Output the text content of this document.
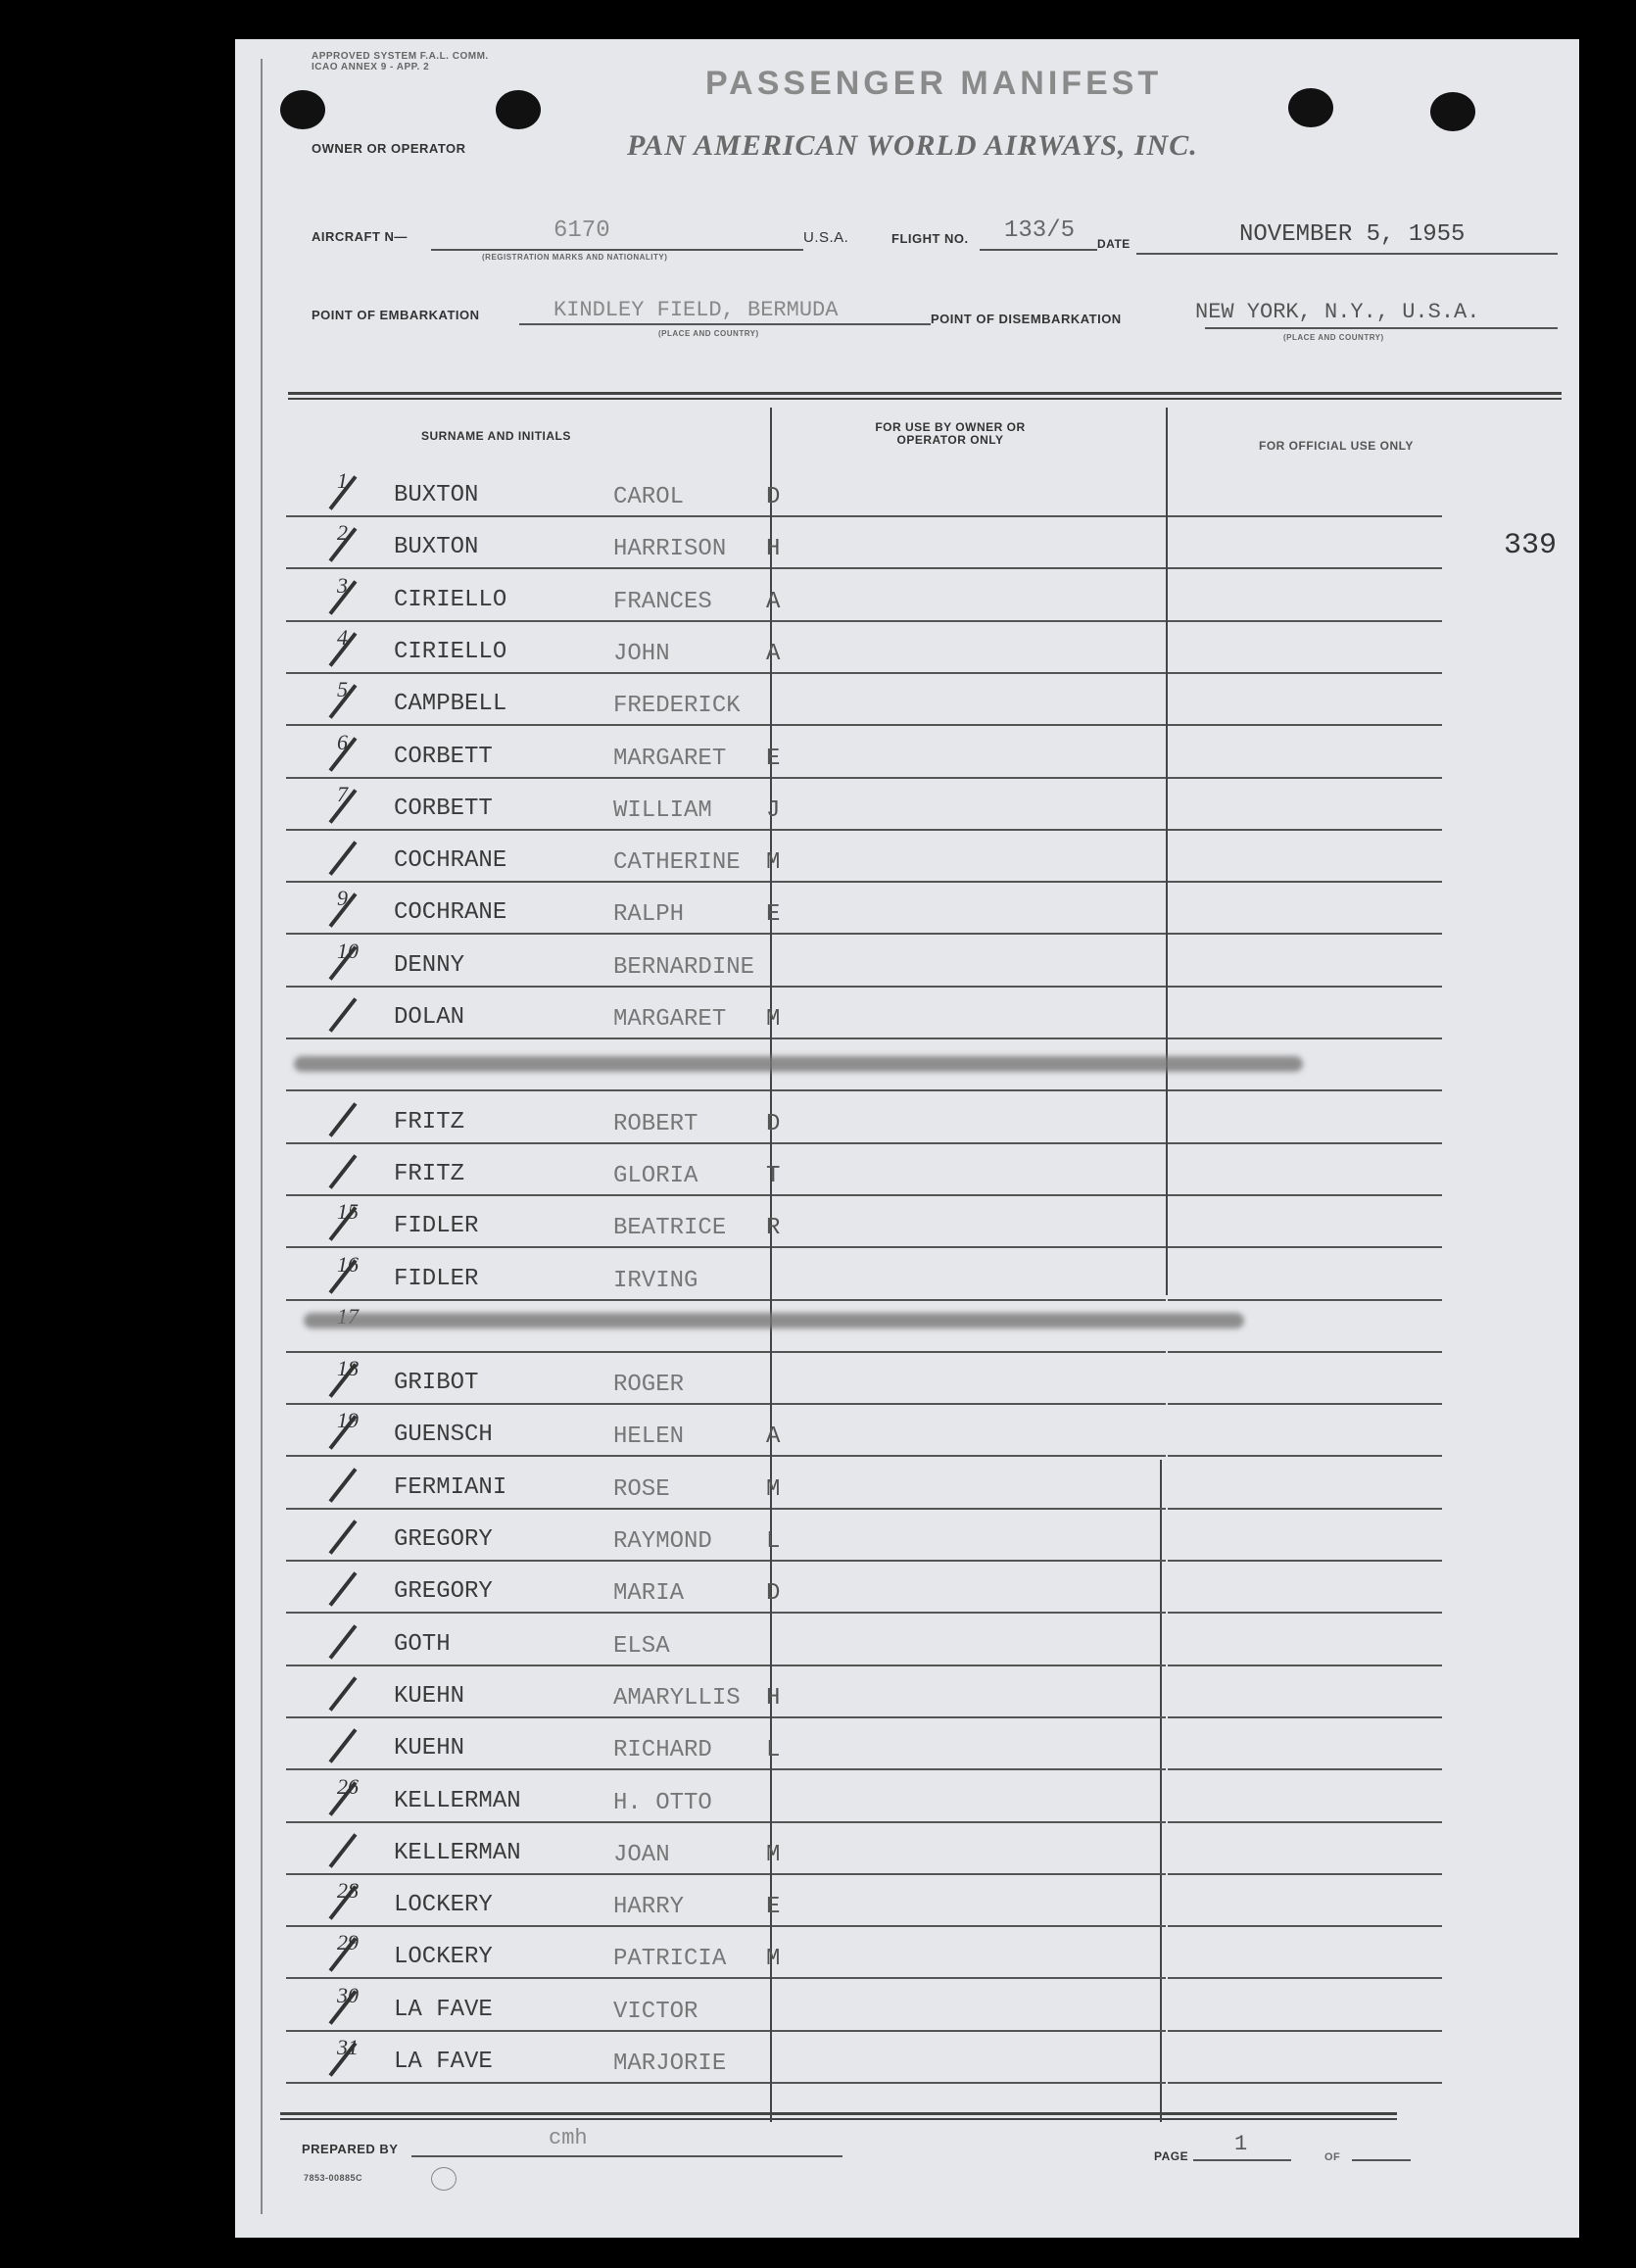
APPROVED SYSTEM F.A.L. COMM. ICAO ANNEX 9 - APP. 2	PASSENGER MANIFEST
OWNER OR OPERATOR	PAN AMERICAN WORLD AIRWAYS, INC.
AIRCRAFT N—	6170
(REGISTRATION MARKS AND NATIONALITY)
U.S.A.	FLIGHT NO. 133/5 DATE	NOVEMBER 5, 1955
POINT OF EMBARKATION	KINDLEY FIELD, BERMUDA
(PLACE AND COUNTRY)
POINT OF DISEMBARKATION	NEW YORK, N.Y., U.S.A.
(PLACE AND COUNTRY)
SURNAME AND INITIALS
FOR USE BY OWNER OR OPERATOR ONLY	FOR OFFICIAL USE ONLY
339
1
BUXTON	CAROL	D
2
BUXTON	HARRISON H
3
CIRIELLO	FRANCES A
4
CIRIELLO	JOHN	A
5
CAMPBELL	FREDERICK
6
CORBETT	MARGARET E
7
CORBETT	WILLIAM J
COCHRANE	CATHERINE M
9
COCHRANE	RALPH	E
10
DENNY	BERNARDINE
DOLAN	MARGARET M
FRITZ	ROBERT	D
FRITZ	GLORIA	T
15
FIDLER	BEATRICE R
16
FIDLER	IRVING
18
GRIBOT	ROGER
19
GUENSCH	HELEN	A
FERMIANI	ROSE	M
GREGORY	RAYMOND L
GREGORY	MARIA	D
GOTH	ELSA
KUEHN	AMARYLLIS H
KUEHN	RICHARD L
26
KELLERMAN	H. OTTO
KELLERMAN	JOAN	M
28
LOCKERY	HARRY	E
29
LOCKERY	PATRICIA M
30
LA FAVE	VICTOR
31
LA FAVE	MARJORIE
PREPARED BY	cmh
PAGE 1
OF
7853-00885C
